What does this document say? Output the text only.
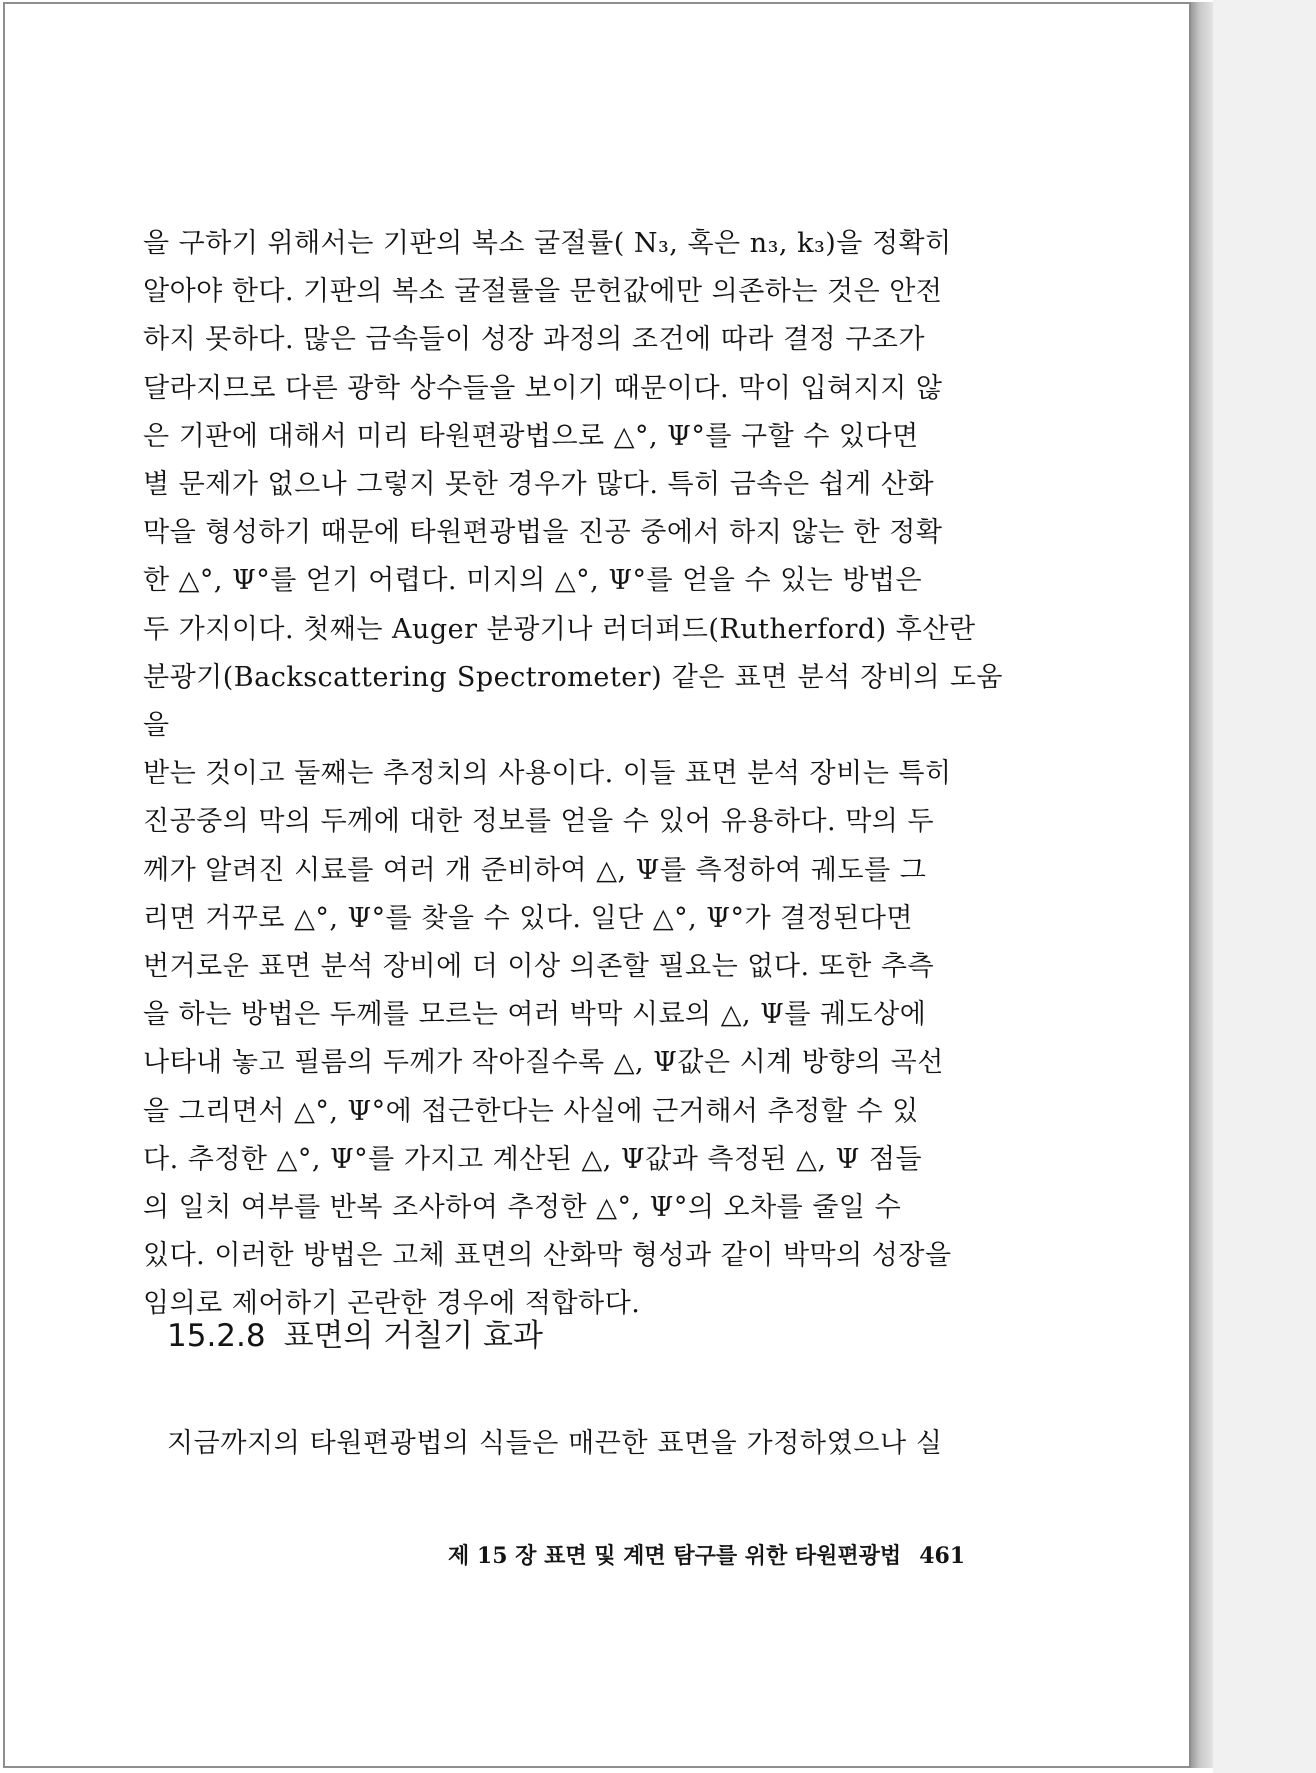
을 구하기 위해서는 기판의 복소 굴절률( N₃, 혹은 n₃, k₃)을 정확히

알아야 한다. 기판의 복소 굴절률을 문헌값에만 의존하는 것은 안전

하지 못하다. 많은 금속들이 성장 과정의 조건에 따라 결정 구조가

달라지므로 다른 광학 상수들을 보이기 때문이다. 막이 입혀지지 않

은 기판에 대해서 미리 타원편광법으로 △°, Ψ°를 구할 수 있다면

별 문제가 없으나 그렇지 못한 경우가 많다. 특히 금속은 쉽게 산화

막을 형성하기 때문에 타원편광법을 진공 중에서 하지 않는 한 정확

한 △°, Ψ°를 얻기 어렵다. 미지의 △°, Ψ°를 얻을 수 있는 방법은

두 가지이다. 첫째는 Auger 분광기나 러더퍼드(Rutherford) 후산란

분광기(Backscattering Spectrometer) 같은 표면 분석 장비의 도움을

받는 것이고 둘째는 추정치의 사용이다. 이들 표면 분석 장비는 특히

진공중의 막의 두께에 대한 정보를 얻을 수 있어 유용하다. 막의 두

께가 알려진 시료를 여러 개 준비하여 △, Ψ를 측정하여 궤도를 그

리면 거꾸로 △°, Ψ°를 찾을 수 있다. 일단 △°, Ψ°가 결정된다면

번거로운 표면 분석 장비에 더 이상 의존할 필요는 없다. 또한 추측

을 하는 방법은 두께를 모르는 여러 박막 시료의 △, Ψ를 궤도상에

나타내 놓고 필름의 두께가 작아질수록 △, Ψ값은 시계 방향의 곡선

을 그리면서 △°, Ψ°에 접근한다는 사실에 근거해서 추정할 수 있

다. 추정한 △°, Ψ°를 가지고 계산된 △, Ψ값과 측정된 △, Ψ 점들

의 일치 여부를 반복 조사하여 추정한 △°, Ψ°의 오차를 줄일 수

있다. 이러한 방법은 고체 표면의 산화막 형성과 같이 박막의 성장을

임의로 제어하기 곤란한 경우에 적합하다.

15.2.8 표면의 거칠기 효과
지금까지의 타원편광법의 식들은 매끈한 표면을 가정하였으나 실
제 15 장 표면 및 계면 탐구를 위한 타원편광법 461
